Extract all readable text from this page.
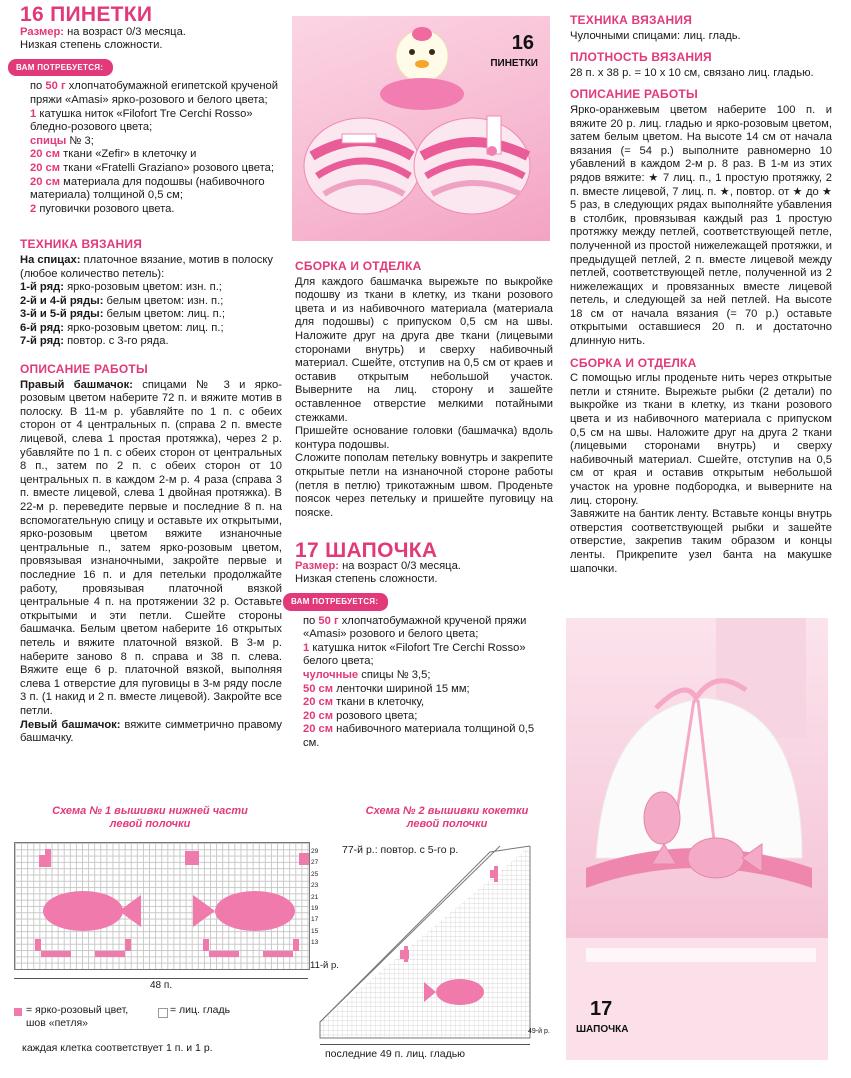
16 ПИНЕТКИ

Размер: на возраст 0/3 месяца.

Низкая степень сложности.

ВАМ ПОТРЕБУЕТСЯ:

по 50 г хлопчатобумажной египетской крученой пряжи «Amasi» ярко-розового и белого цвета;

1 катушка ниток «Filofort Tre Cerchi Rosso» бледно-розового цвета;

спицы № 3;

20 см ткани «Zefir» в клеточку и

20 см ткани «Fratelli Graziano» розового цвета;

20 см материала для подошвы (набивочного материала) толщиной 0,5 см;

2 пуговички розового цвета.

ТЕХНИКА ВЯЗАНИЯ

На спицах: платочное вязание, мотив в полоску (любое количество петель):

1-й ряд: ярко-розовым цветом: изн. п.;

2-й и 4-й ряды: белым цветом: изн. п.;

3-й и 5-й ряды: белым цветом: лиц. п.;

6-й ряд: ярко-розовым цветом: лиц. п.;

7-й ряд: повтор. с 3-го ряда.

ОПИСАНИЕ РАБОТЫ

Правый башмачок: спицами № 3 и ярко-розовым цветом наберите 72 п. и вяжите мотив в полоску. В 11-м р. убавляйте по 1 п. с обеих сторон от 4 центральных п. (справа 2 п. вместе лицевой, слева 1 простая протяжка), через 2 р. убавляйте по 1 п. с обеих сторон от центральных 8 п., затем по 2 п. с обеих сторон от 10 центральных п. в каждом 2-м р. 4 раза (справа 3 п. вместе лицевой, слева 1 двойная протяжка). В 22-м р. переведите первые и последние 8 п. на вспомогательную спицу и оставьте их открытыми, ярко-розовым цветом вяжите изнаночные центральные п., затем ярко-розовым цветом, провязывая изнаночными, закройте первые и последние 16 п. и для петельки продолжайте работу, провязывая платочной вязкой центральные 4 п. на протяжении 32 р. Оставьте открытыми и эти петли. Сшейте стороны башмачка. Белым цветом наберите 16 открытых петель и вяжите платочной вязкой. В 3-м р. наберите заново 8 п. справа и 38 п. слева. Вяжите еще 6 р. платочной вязкой, выполняя слева 1 отверстие для пуговицы в 3-м ряду после 3 п. (1 накид и 2 п. вместе лицевой). Закройте все петли.

Левый башмачок: вяжите симметрично правому башмачку.

16
ПИНЕТКИ
СБОРКА И ОТДЕЛКА

Для каждого башмачка вырежьте по выкройке подошву из ткани в клетку, из ткани розового цвета и из набивочного материала (материала для подошвы) с припуском 0,5 см на швы. Наложите друг на друга две ткани (лицевыми сторонами внутрь) и сверху набивочный материал. Сшейте, отступив на 0,5 см от краев и оставив открытым небольшой участок. Выверните на лиц. сторону и зашейте оставленное отверстие мелкими потайными стежками.

Пришейте основание головки (башмачка) вдоль контура подошвы.

Сложите пополам петельку вовнутрь и закрепите открытые петли на изнаночной стороне работы (петля в петлю) трикотажным швом. Проденьте поясок через петельку и пришейте пуговицу на пояске.

17 ШАПОЧКА

Размер: на возраст 0/3 месяца.

Низкая степень сложности.

ВАМ ПОТРЕБУЕТСЯ:

по 50 г хлопчатобумажной крученой пряжи «Amasi» розового и белого цвета;

1 катушка ниток «Filofort Tre Cerchi Rosso» белого цвета;

чулочные спицы № 3,5;

50 см ленточки шириной 15 мм;

20 см ткани в клеточку,

20 см розового цвета;

20 см набивочного материала толщиной 0,5 см.

ТЕХНИКА ВЯЗАНИЯ

Чулочными спицами: лиц. гладь.

ПЛОТНОСТЬ ВЯЗАНИЯ

28 п. х 38 р. = 10 х 10 см, связано лиц. гладью.

ОПИСАНИЕ РАБОТЫ

Ярко-оранжевым цветом наберите 100 п. и вяжите 20 р. лиц. гладью и ярко-розовым цветом, затем белым цветом. На высоте 14 см от начала вязания (= 54 р.) выполните равномерно 10 убавлений в каждом 2-м р. 8 раз. В 1-м из этих рядов вяжите: ★ 7 лиц. п., 1 простую протяжку, 2 п. вместе лицевой, 7 лиц. п. ★, повтор. от ★ до ★ 5 раз, в следующих рядах выполняйте убавления в столбик, провязывая каждый раз 1 простую протяжку между петлей, соответствующей петле, полученной из простой нижележащей протяжки, и предыдущей петлей, 2 п. вместе лицевой между петлей, соответствующей петле, полученной из 2 нижележащих и провязанных вместе лицевой петель, и следующей за ней петлей. На высоте 18 см от начала вязания (= 70 р.) оставьте открытыми оставшиеся 20 п. и достаточно длинную нить.

СБОРКА И ОТДЕЛКА

С помощью иглы проденьте нить через открытые петли и стяните. Вырежьте рыбки (2 детали) по выкройке из ткани в клетку, из ткани розового цвета и из набивочного материала с припуском 0,5 см на швы. Наложите друг на друга 2 ткани (лицевыми сторонами внутрь) и сверху набивочный материал. Сшейте, отступив на 0,5 см от края и оставив открытым небольшой участок на уровне подбородка, и выверните на лиц. сторону.

Завяжите на бантик ленту. Вставьте концы внутрь отверстия соответствующей рыбки и зашейте отверстие, закрепив таким образом и концы ленты. Прикрепите узел банта на макушке шапочки.

17
ШАПОЧКА
Схема № 1 вышивки нижней части левой полочки
29
27
25
23
21
19
17
15
13
11-й р.
48 п.
= ярко-розовый цвет, шов «петля»
= лиц. гладь
каждая клетка соответствует 1 п. и 1 р.
Схема № 2 вышивки кокетки левой полочки
77-й р.: повтор. с 5-го р.
49-й р.
последние 49 п. лиц. гладью
